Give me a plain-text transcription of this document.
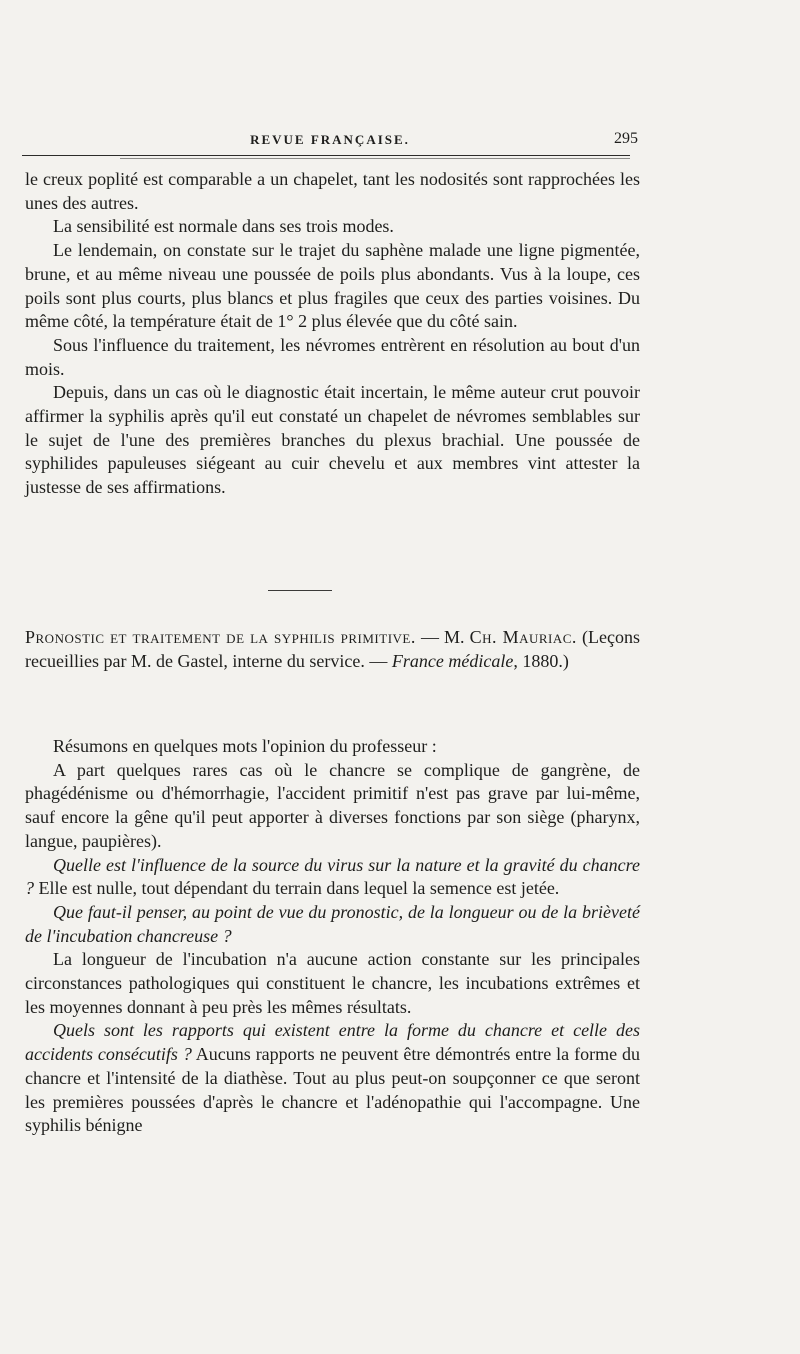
REVUE FRANÇAISE.	295

le creux poplité est comparable a un chapelet, tant les nodosités sont rapprochées les unes des autres.

La sensibilité est normale dans ses trois modes.

Le lendemain, on constate sur le trajet du saphène malade une ligne pigmentée, brune, et au même niveau une poussée de poils plus abondants. Vus à la loupe, ces poils sont plus courts, plus blancs et plus fragiles que ceux des parties voisines. Du même côté, la température était de 1° 2 plus élevée que du côté sain.

Sous l'influence du traitement, les névromes entrèrent en résolution au bout d'un mois.

Depuis, dans un cas où le diagnostic était incertain, le même auteur crut pouvoir affirmer la syphilis après qu'il eut constaté un chapelet de névromes semblables sur le sujet de l'une des premières branches du plexus brachial. Une poussée de syphilides papuleuses siégeant au cuir chevelu et aux membres vint attester la justesse de ses affirmations.

Pronostic et traitement de la syphilis primitive. — M. Ch. Mauriac. (Leçons recueillies par M. de Gastel, interne du service. — France médicale, 1880.)

Résumons en quelques mots l'opinion du professeur :

A part quelques rares cas où le chancre se complique de gangrène, de phagédénisme ou d'hémorrhagie, l'accident primitif n'est pas grave par lui-même, sauf encore la gêne qu'il peut apporter à diverses fonctions par son siège (pharynx, langue, paupières).

Quelle est l'influence de la source du virus sur la nature et la gravité du chancre ? Elle est nulle, tout dépendant du terrain dans lequel la semence est jetée.

Que faut-il penser, au point de vue du pronostic, de la longueur ou de la brièveté de l'incubation chancreuse ?

La longueur de l'incubation n'a aucune action constante sur les principales circonstances pathologiques qui constituent le chancre, les incubations extrêmes et les moyennes donnant à peu près les mêmes résultats.

Quels sont les rapports qui existent entre la forme du chancre et celle des accidents consécutifs ? Aucuns rapports ne peuvent être démontrés entre la forme du chancre et l'intensité de la diathèse. Tout au plus peut-on soupçonner ce que seront les premières poussées d'après le chancre et l'adénopathie qui l'accompagne. Une syphilis bénigne
